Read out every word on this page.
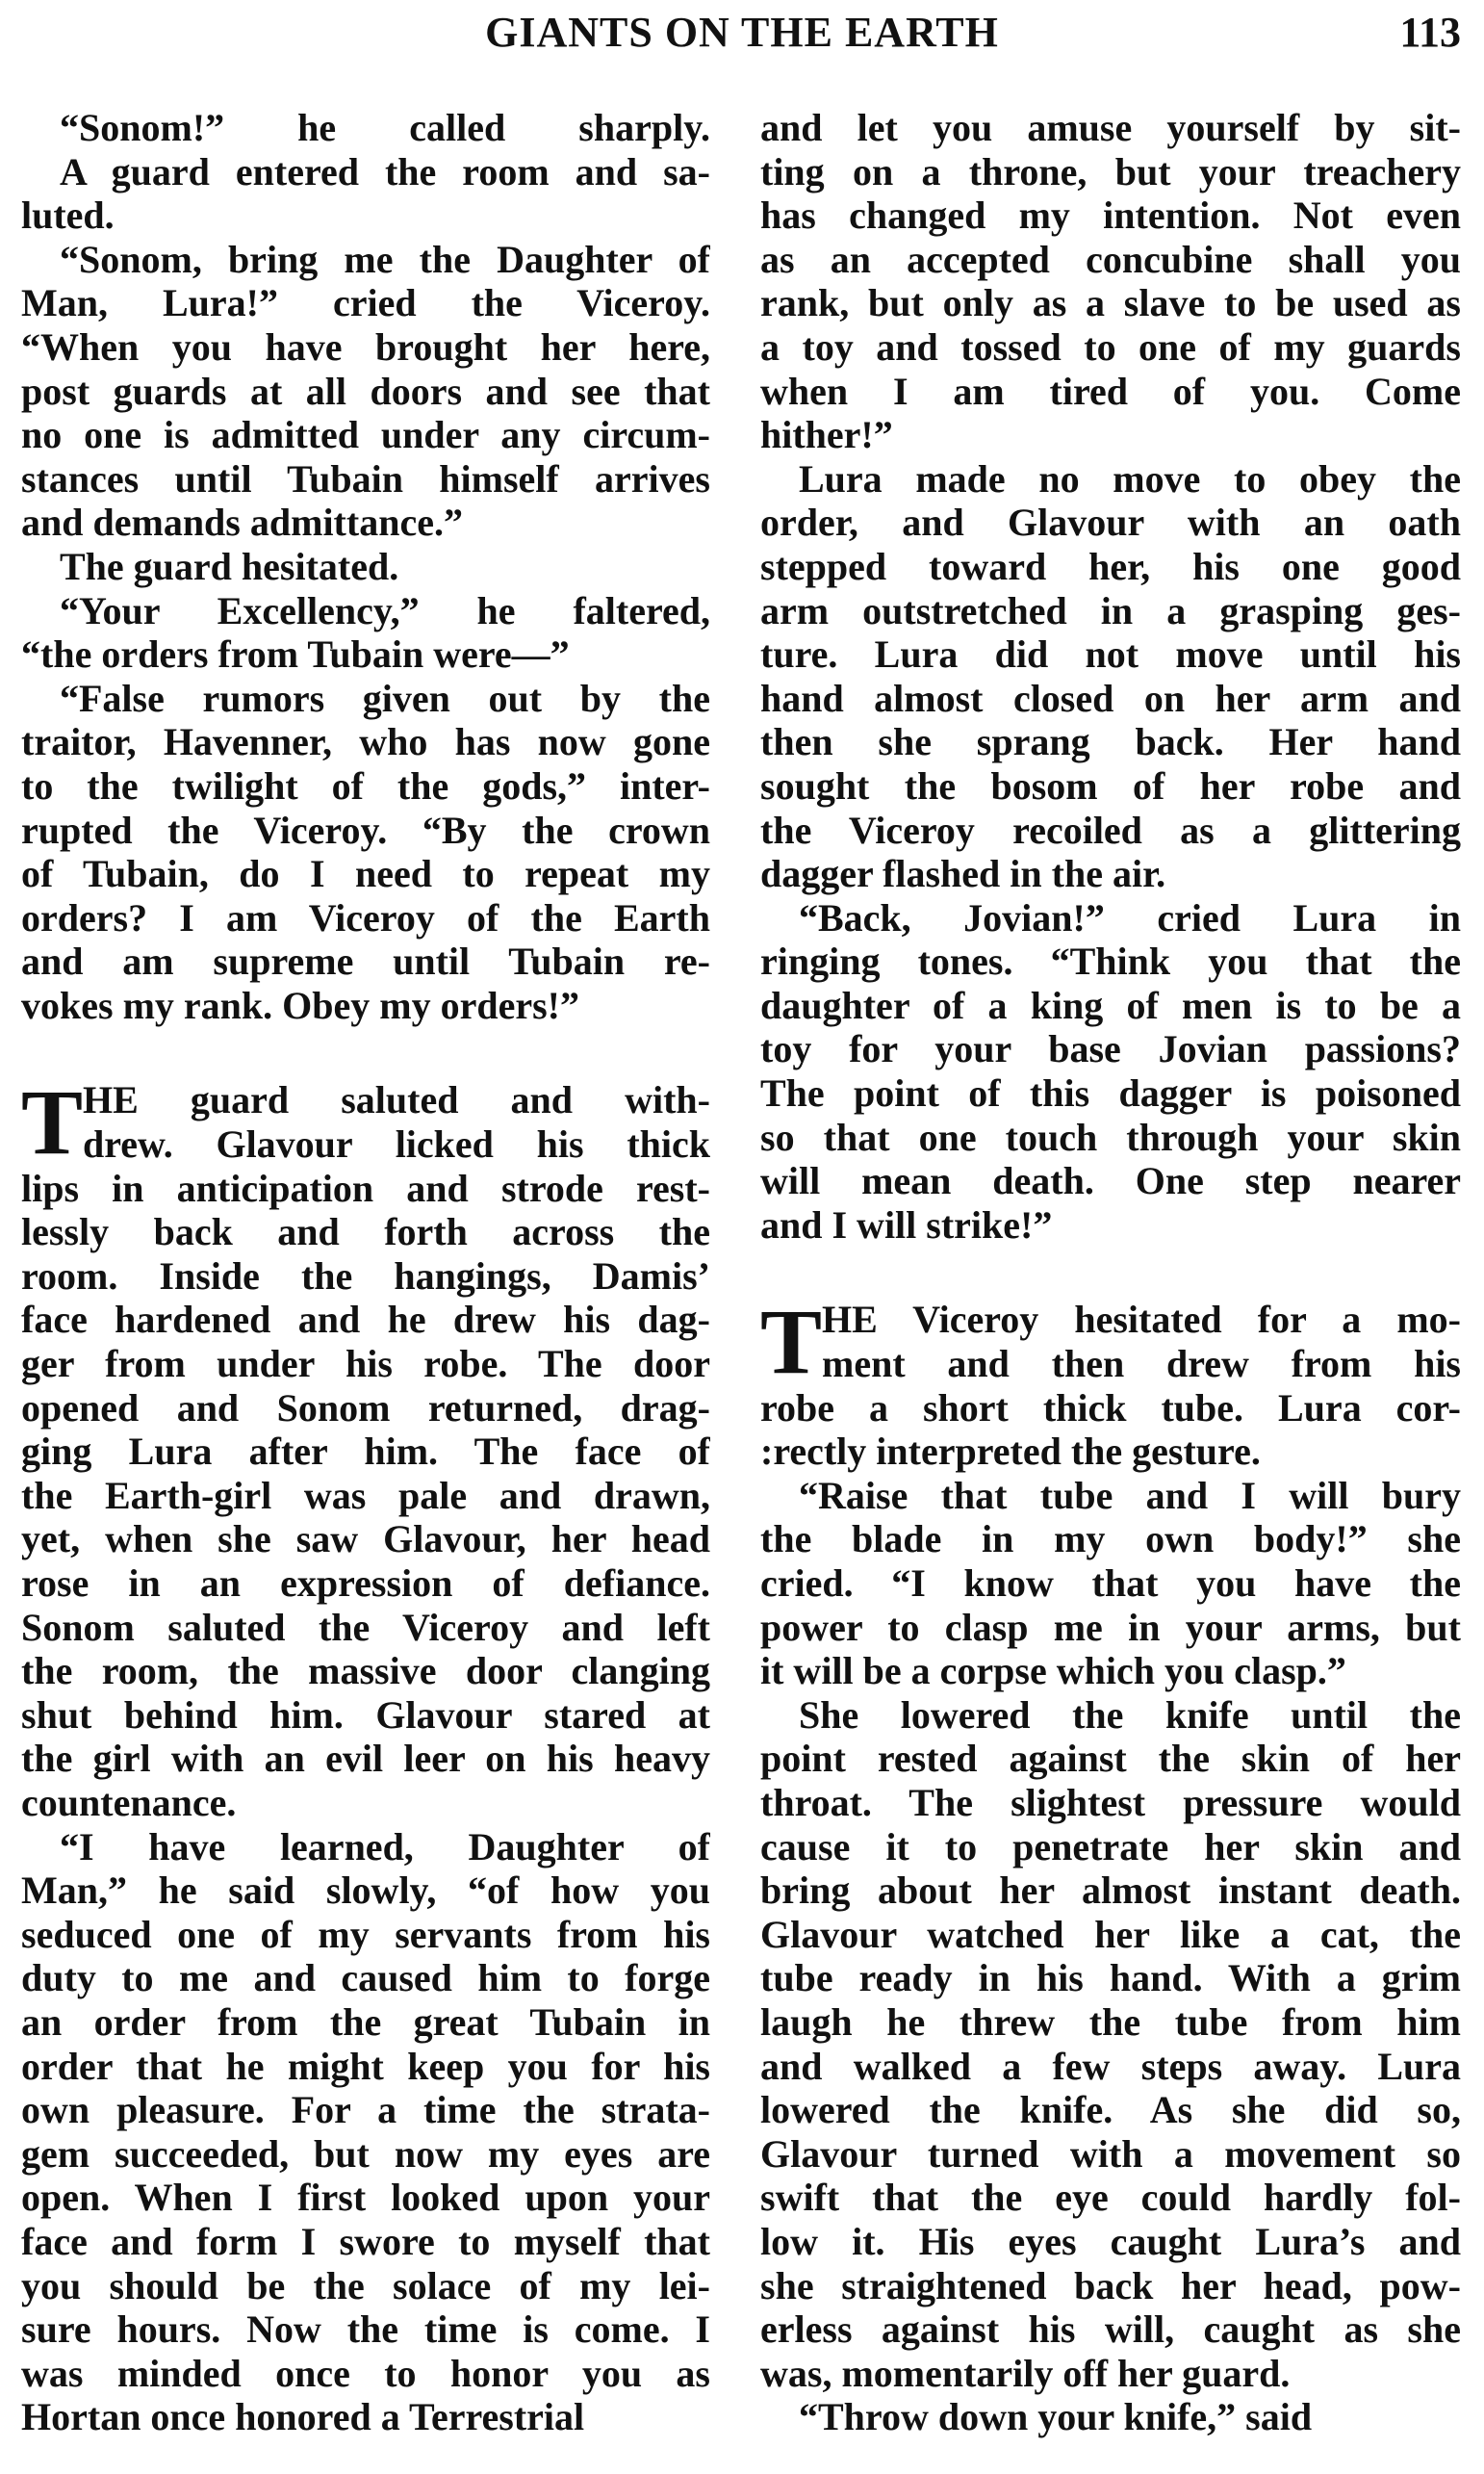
GIANTS ON THE EARTH	113
“Sonom!” he called sharply.
A guard entered the room and sa-
luted.
“Sonom, bring me the Daughter of
Man, Lura!” cried the Viceroy.
“When you have brought her here,
post guards at all doors and see that
no one is admitted under any circum-
stances until Tubain himself arrives
and demands admittance.”
The guard hesitated.
“Your Excellency,” he faltered,
“the orders from Tubain were—”
“False rumors given out by the
traitor, Havenner, who has now gone
to the twilight of the gods,” inter-
rupted the Viceroy. “By the crown
of Tubain, do I need to repeat my
orders? I am Viceroy of the Earth
and am supreme until Tubain re-
vokes my rank. Obey my orders!”
T HE guard saluted and with-
drew. Glavour licked his thick
lips in anticipation and strode rest-
lessly back and forth across the
room. Inside the hangings, Damis’
face hardened and he drew his dag-
ger from under his robe. The door
opened and Sonom returned, drag-
ging Lura after him. The face of
the Earth-girl was pale and drawn,
yet, when she saw Glavour, her head
rose in an expression of defiance.
Sonom saluted the Viceroy and left
the room, the massive door clanging
shut behind him. Glavour stared at
the girl with an evil leer on his heavy
countenance.
“I have learned, Daughter of
Man,” he said slowly, “of how you
seduced one of my servants from his
duty to me and caused him to forge
an order from the great Tubain in
order that he might keep you for his
own pleasure. For a time the strata-
gem succeeded, but now my eyes are
open. When I first looked upon your
face and form I swore to myself that
you should be the solace of my lei-
sure hours. Now the time is come. I
was minded once to honor you as
Hortan once honored a Terrestrial
and let you amuse yourself by sit-
ting on a throne, but your treachery
has changed my intention. Not even
as an accepted concubine shall you
rank, but only as a slave to be used as
a toy and tossed to one of my guards
when I am tired of you. Come
hither!”
Lura made no move to obey the
order, and Glavour with an oath
stepped toward her, his one good
arm outstretched in a grasping ges-
ture. Lura did not move until his
hand almost closed on her arm and
then she sprang back. Her hand
sought the bosom of her robe and
the Viceroy recoiled as a glittering
dagger flashed in the air.
“Back, Jovian!” cried Lura in
ringing tones. “Think you that the
daughter of a king of men is to be a
toy for your base Jovian passions?
The point of this dagger is poisoned
so that one touch through your skin
will mean death. One step nearer
and I will strike!”
T HE Viceroy hesitated for a mo-
ment and then drew from his
robe a short thick tube. Lura cor-
:rectly interpreted the gesture.
“Raise that tube and I will bury
the blade in my own body!” she
cried. “I know that you have the
power to clasp me in your arms, but
it will be a corpse which you clasp.”
She lowered the knife until the
point rested against the skin of her
throat. The slightest pressure would
cause it to penetrate her skin and
bring about her almost instant death.
Glavour watched her like a cat, the
tube ready in his hand. With a grim
laugh he threw the tube from him
and walked a few steps away. Lura
lowered the knife. As she did so,
Glavour turned with a movement so
swift that the eye could hardly fol-
low it. His eyes caught Lura’s and
she straightened back her head, pow-
erless against his will, caught as she
was, momentarily off her guard.
“Throw down your knife,” said
